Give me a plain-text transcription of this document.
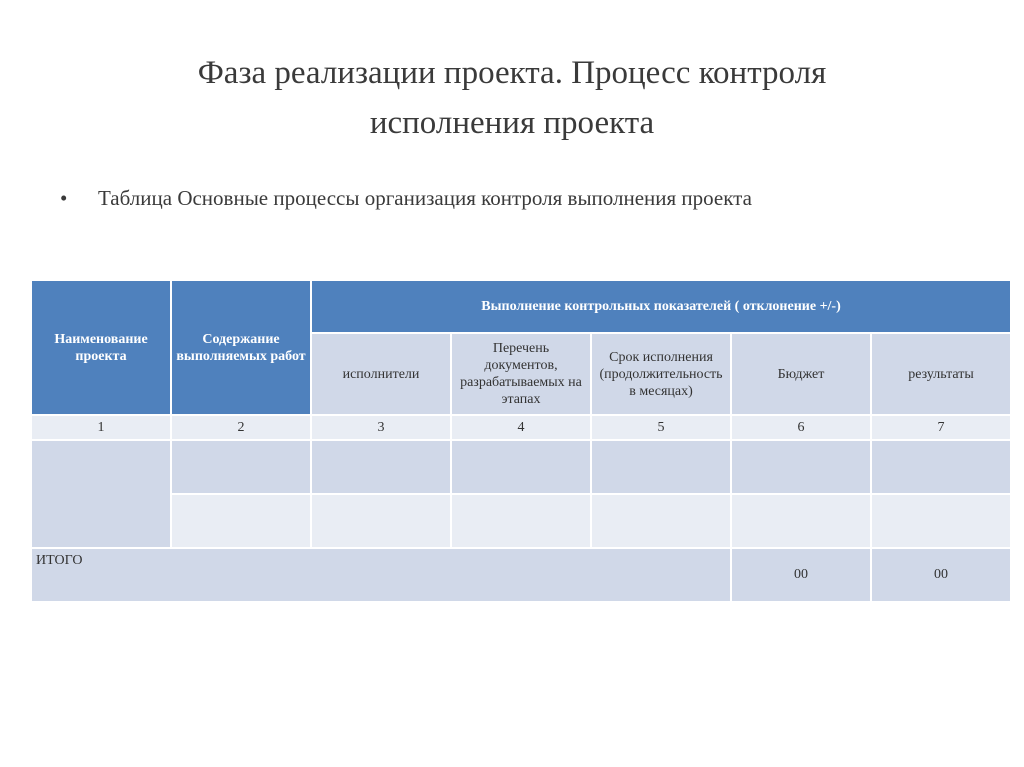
Фаза реализации проекта. Процесс контроля
исполнения проекта
• Таблица Основные процессы организация контроля выполнения проекта
Наименование проекта	Содержание выполняемых работ	Выполнение контрольных показателей ( отклонение +/-)				
		исполнители	Перечень документов, разрабатываемых на этапах	Срок исполнения (продолжительность в месяцах)	Бюджет	результаты
1	2	3	4	5	6	7

ИТОГО					00	00
